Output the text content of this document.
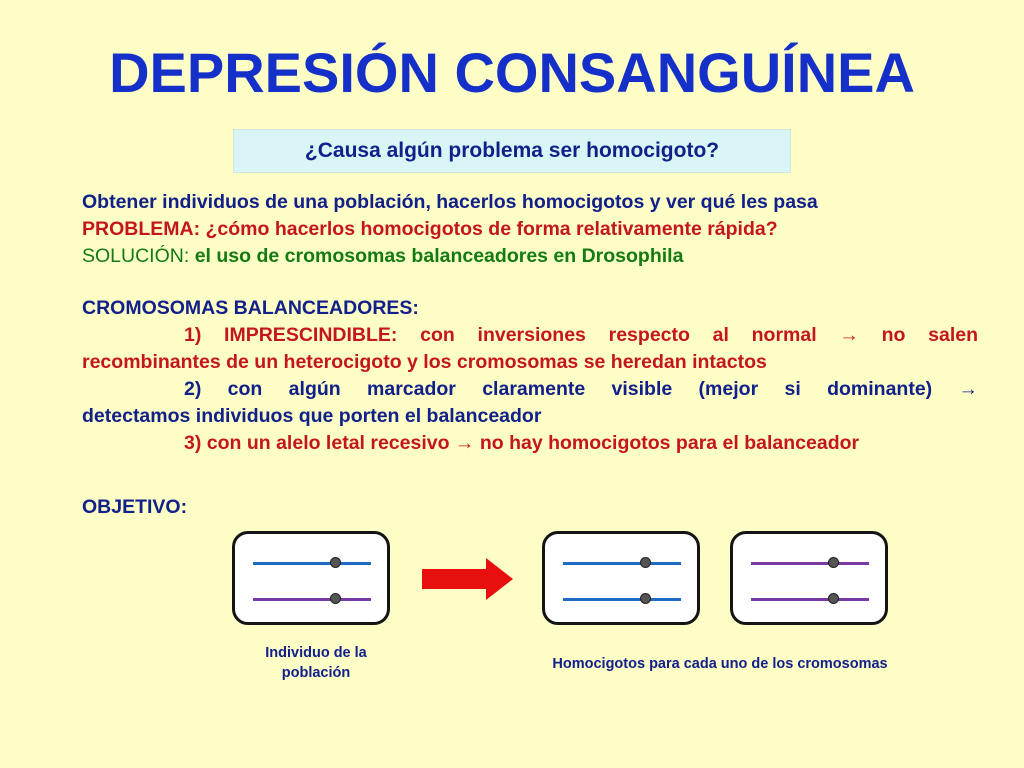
DEPRESIÓN CONSANGUÍNEA
¿Causa algún problema ser homocigoto?
Obtener individuos de una población, hacerlos homocigotos y ver qué les pasa
PROBLEMA: ¿cómo hacerlos homocigotos de forma relativamente rápida?
SOLUCIÓN: el uso de cromosomas balanceadores en Drosophila
CROMOSOMAS BALANCEADORES:
1) IMPRESCINDIBLE: con inversiones respecto al normal → no salen
recombinantes de un heterocigoto y los cromosomas se heredan intactos
2) con algún marcador claramente visible (mejor si dominante) →
detectamos individuos que porten el balanceador
3) con un alelo letal recesivo → no hay homocigotos para el balanceador
OBJETIVO:
Individuo de la población
Homocigotos para cada uno de los cromosomas
